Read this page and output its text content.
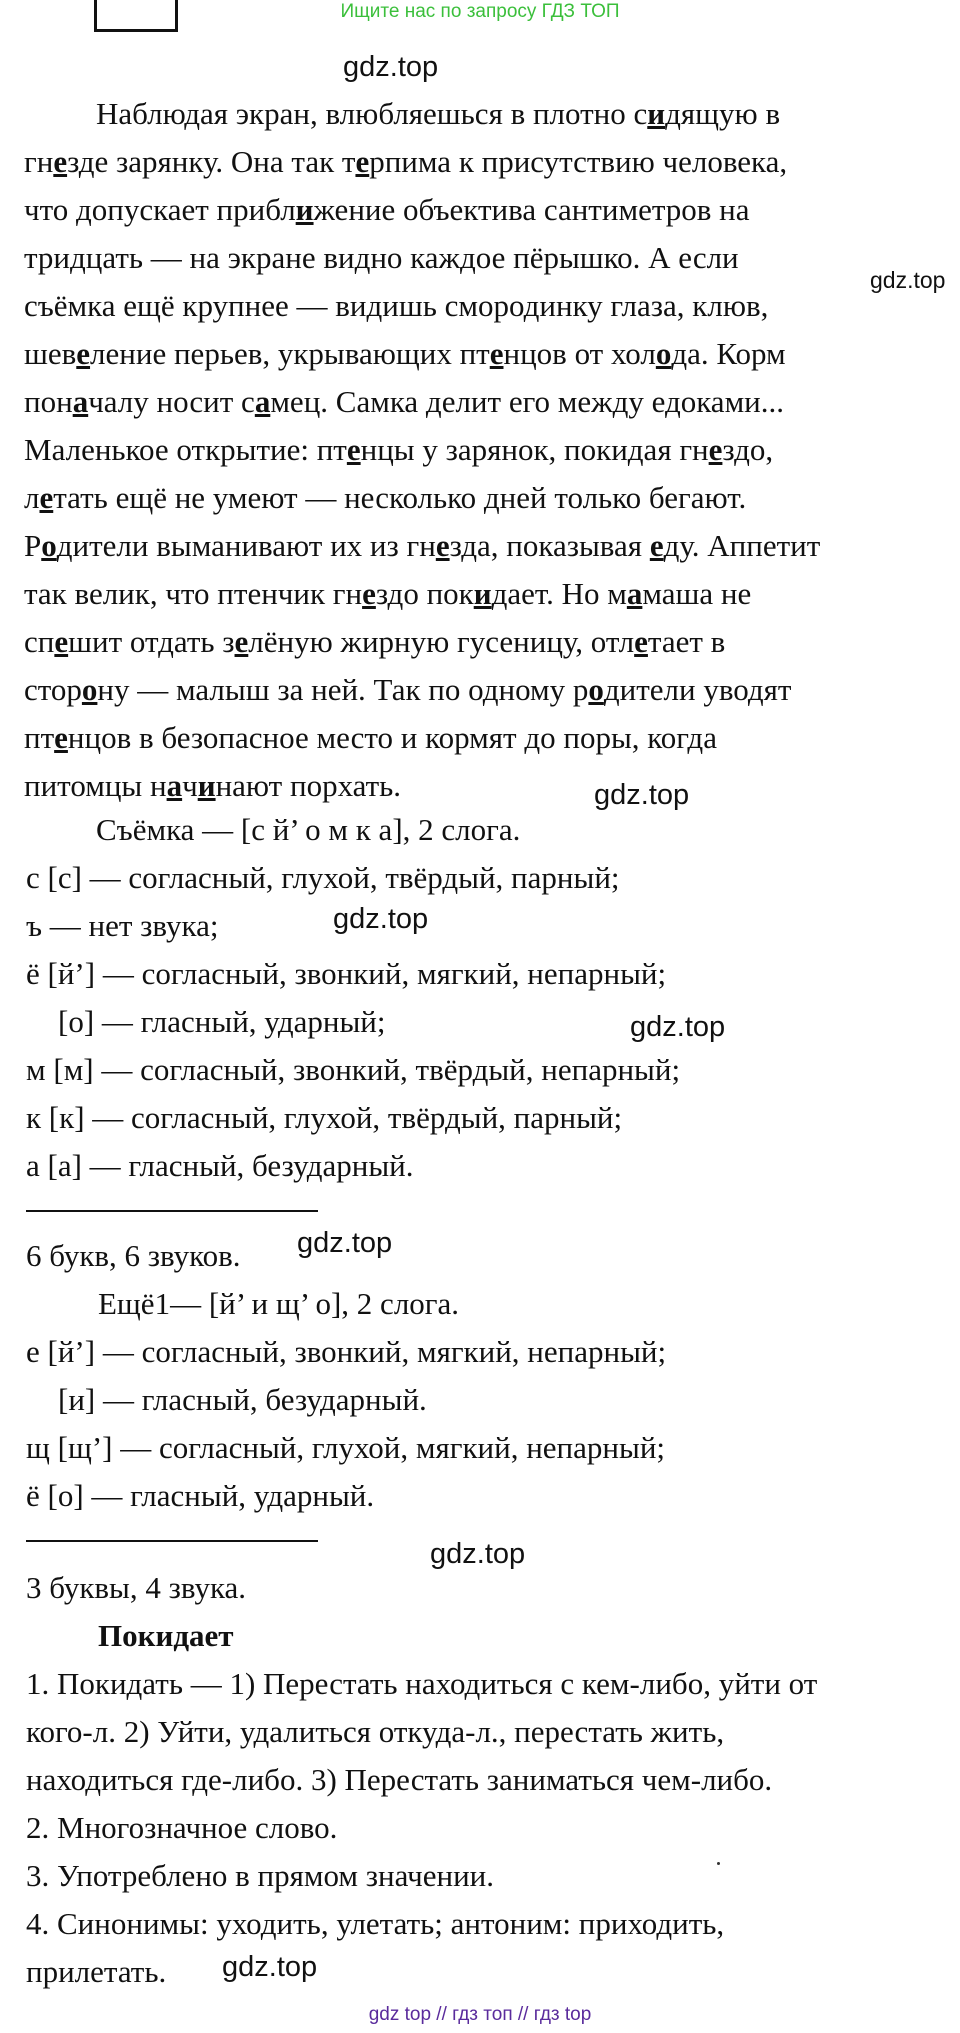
Ищите нас по запросу ГДЗ ТОП
gdz.top
gdz.top
gdz.top
gdz.top
gdz.top
gdz.top
gdz.top
gdz.top
Наблюдая экран, влюбляешься в плотно сидящую в
гнезде зарянку. Она так терпима к присутствию человека,
что допускает приближение объектива сантиметров на
тридцать — на экране видно каждое пёрышко. А если
съёмка ещё крупнее — видишь смородинку глаза, клюв,
шевеление перьев, укрывающих птенцов от холода. Корм
поначалу носит самец. Самка делит его между едоками...
Маленькое открытие: птенцы у зарянок, покидая гнездо,
летать ещё не умеют — несколько дней только бегают.
Родители выманивают их из гнезда, показывая еду. Аппетит
так велик, что птенчик гнездо покидает. Но мамаша не
спешит отдать зелёную жирную гусеницу, отлетает в
сторону — малыш за ней. Так по одному родители уводят
птенцов в безопасное место и кормят до поры, когда
питомцы начинают порхать.
Съёмка — [с й’ о м к а], 2 слога.
с [с] — согласный, глухой, твёрдый, парный;
ъ — нет звука;
ё [й’] — согласный, звонкий, мягкий, непарный;
[о] — гласный, ударный;
м [м] — согласный, звонкий, твёрдый, непарный;
к [к] — согласный, глухой, твёрдый, парный;
а [а] — гласный, безударный.
6 букв, 6 звуков.
Ещё1— [й’ и щ’ о], 2 слога.
е [й’] — согласный, звонкий, мягкий, непарный;
[и] — гласный, безударный.
щ [щ’] — согласный, глухой, мягкий, непарный;
ё [о] — гласный, ударный.
3 буквы, 4 звука.
Покидает
1. Покидать — 1) Перестать находиться с кем-либо, уйти от
кого-л. 2) Уйти, удалиться откуда-л., перестать жить,
находиться где-либо. 3) Перестать заниматься чем-либо.
2. Многозначное слово.
3. Употреблено в прямом значении.
4. Синонимы: уходить, улетать; антоним: приходить,
прилетать.
gdz top // гдз топ // гдз top
